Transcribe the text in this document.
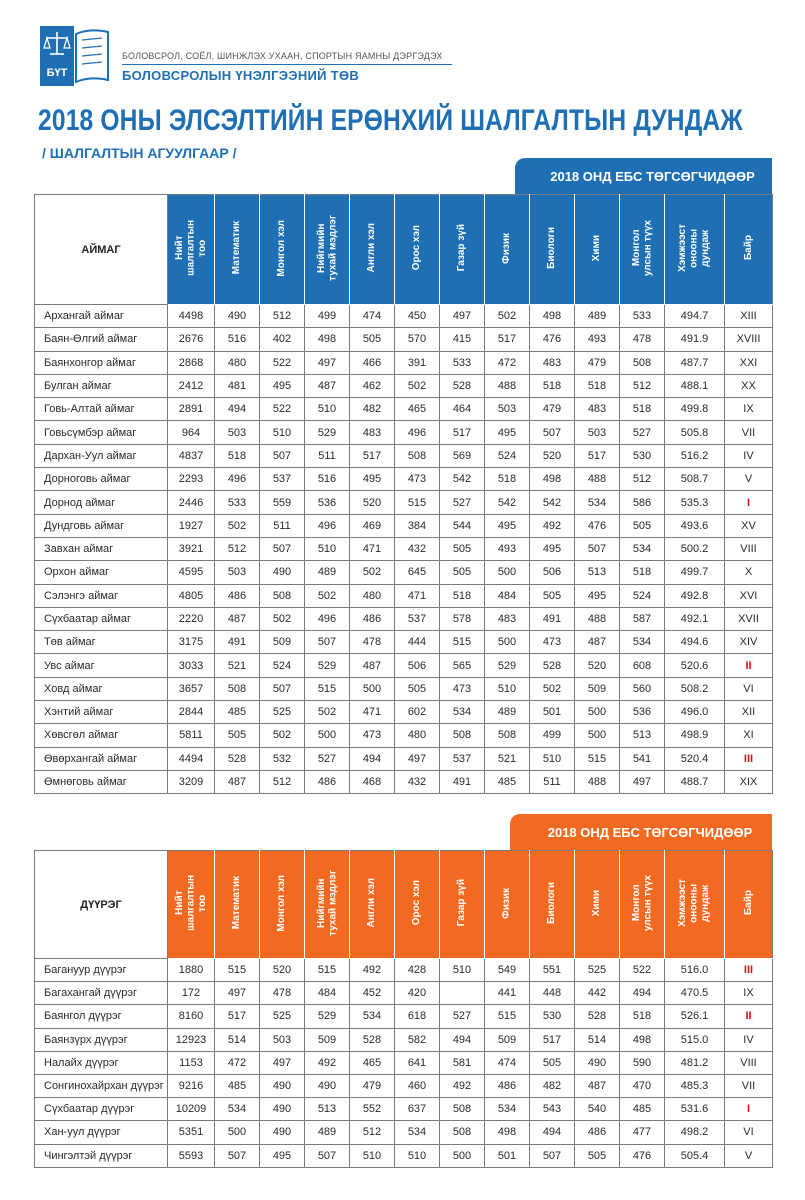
БҮТ
БОЛОВСРОЛ, СОЁЛ, ШИНЖЛЭХ УХААН, СПОРТЫН ЯАМНЫ ДЭРГЭДЭХ
БОЛОВСРОЛЫН ҮНЭЛГЭЭНИЙ ТӨВ
2018 ОНЫ ЭЛСЭЛТИЙН ЕРӨНХИЙ ШАЛГАЛТЫН ДУНДАЖ
/ ШАЛГАЛТЫН АГУУЛГААР /
2018 ОНД ЕБС ТӨГСӨГЧИДӨӨР
АЙМАГ	Нийт
шалгалтын
тоо	Математик	Монгол хэл	Нийгмийн
тухай мэдлэг	Англи хэл	Орос хэл	Газар зүй	Физик	Биологи	Хими	Монгол
улсын түүх	Хэмжээст
онооны
дундаж	Байр
Архангай аймаг	4498	490	512	499	474	450	497	502	498	489	533	494.7	XIII
Баян-Өлгий аймаг	2676	516	402	498	505	570	415	517	476	493	478	491.9	XVIII
Баянхонгор аймаг	2868	480	522	497	466	391	533	472	483	479	508	487.7	XXI
Булган аймаг	2412	481	495	487	462	502	528	488	518	518	512	488.1	XX
Говь-Алтай аймаг	2891	494	522	510	482	465	464	503	479	483	518	499.8	IX
Говьсүмбэр аймаг	964	503	510	529	483	496	517	495	507	503	527	505.8	VII
Дархан-Уул аймаг	4837	518	507	511	517	508	569	524	520	517	530	516.2	IV
Дорноговь аймаг	2293	496	537	516	495	473	542	518	498	488	512	508.7	V
Дорнод аймаг	2446	533	559	536	520	515	527	542	542	534	586	535.3	I
Дундговь аймаг	1927	502	511	496	469	384	544	495	492	476	505	493.6	XV
Завхан аймаг	3921	512	507	510	471	432	505	493	495	507	534	500.2	VIII
Орхон аймаг	4595	503	490	489	502	645	505	500	506	513	518	499.7	X
Сэлэнгэ аймаг	4805	486	508	502	480	471	518	484	505	495	524	492.8	XVI
Сүхбаатар аймаг	2220	487	502	496	486	537	578	483	491	488	587	492.1	XVII
Төв аймаг	3175	491	509	507	478	444	515	500	473	487	534	494.6	XIV
Увс аймаг	3033	521	524	529	487	506	565	529	528	520	608	520.6	II
Ховд аймаг	3657	508	507	515	500	505	473	510	502	509	560	508.2	VI
Хэнтий аймаг	2844	485	525	502	471	602	534	489	501	500	536	496.0	XII
Хөвсгөл аймаг	5811	505	502	500	473	480	508	508	499	500	513	498.9	XI
Өвөрхангай аймаг	4494	528	532	527	494	497	537	521	510	515	541	520.4	III
Өмнөговь аймаг	3209	487	512	486	468	432	491	485	511	488	497	488.7	XIX
2018 ОНД ЕБС ТӨГСӨГЧИДӨӨР
ДҮҮРЭГ	Нийт
шалгалтын
тоо	Математик	Монгол хэл	Нийгмийн
тухай мэдлэг	Англи хэл	Орос хэл	Газар зүй	Физик	Биологи	Хими	Монгол
улсын түүх	Хэмжээст
онооны
дундаж	Байр
Багануур дүүрэг	1880	515	520	515	492	428	510	549	551	525	522	516.0	III
Багахангай дүүрэг	172	497	478	484	452	420		441	448	442	494	470.5	IX
Баянгол дүүрэг	8160	517	525	529	534	618	527	515	530	528	518	526.1	II
Баянзүрх дүүрэг	12923	514	503	509	528	582	494	509	517	514	498	515.0	IV
Налайх дүүрэг	1153	472	497	492	465	641	581	474	505	490	590	481.2	VIII
Сонгинохайрхан дүүрэг	9216	485	490	490	479	460	492	486	482	487	470	485.3	VII
Сүхбаатар дүүрэг	10209	534	490	513	552	637	508	534	543	540	485	531.6	I
Хан-уул дүүрэг	5351	500	490	489	512	534	508	498	494	486	477	498.2	VI
Чингэлтэй дүүрэг	5593	507	495	507	510	510	500	501	507	505	476	505.4	V
